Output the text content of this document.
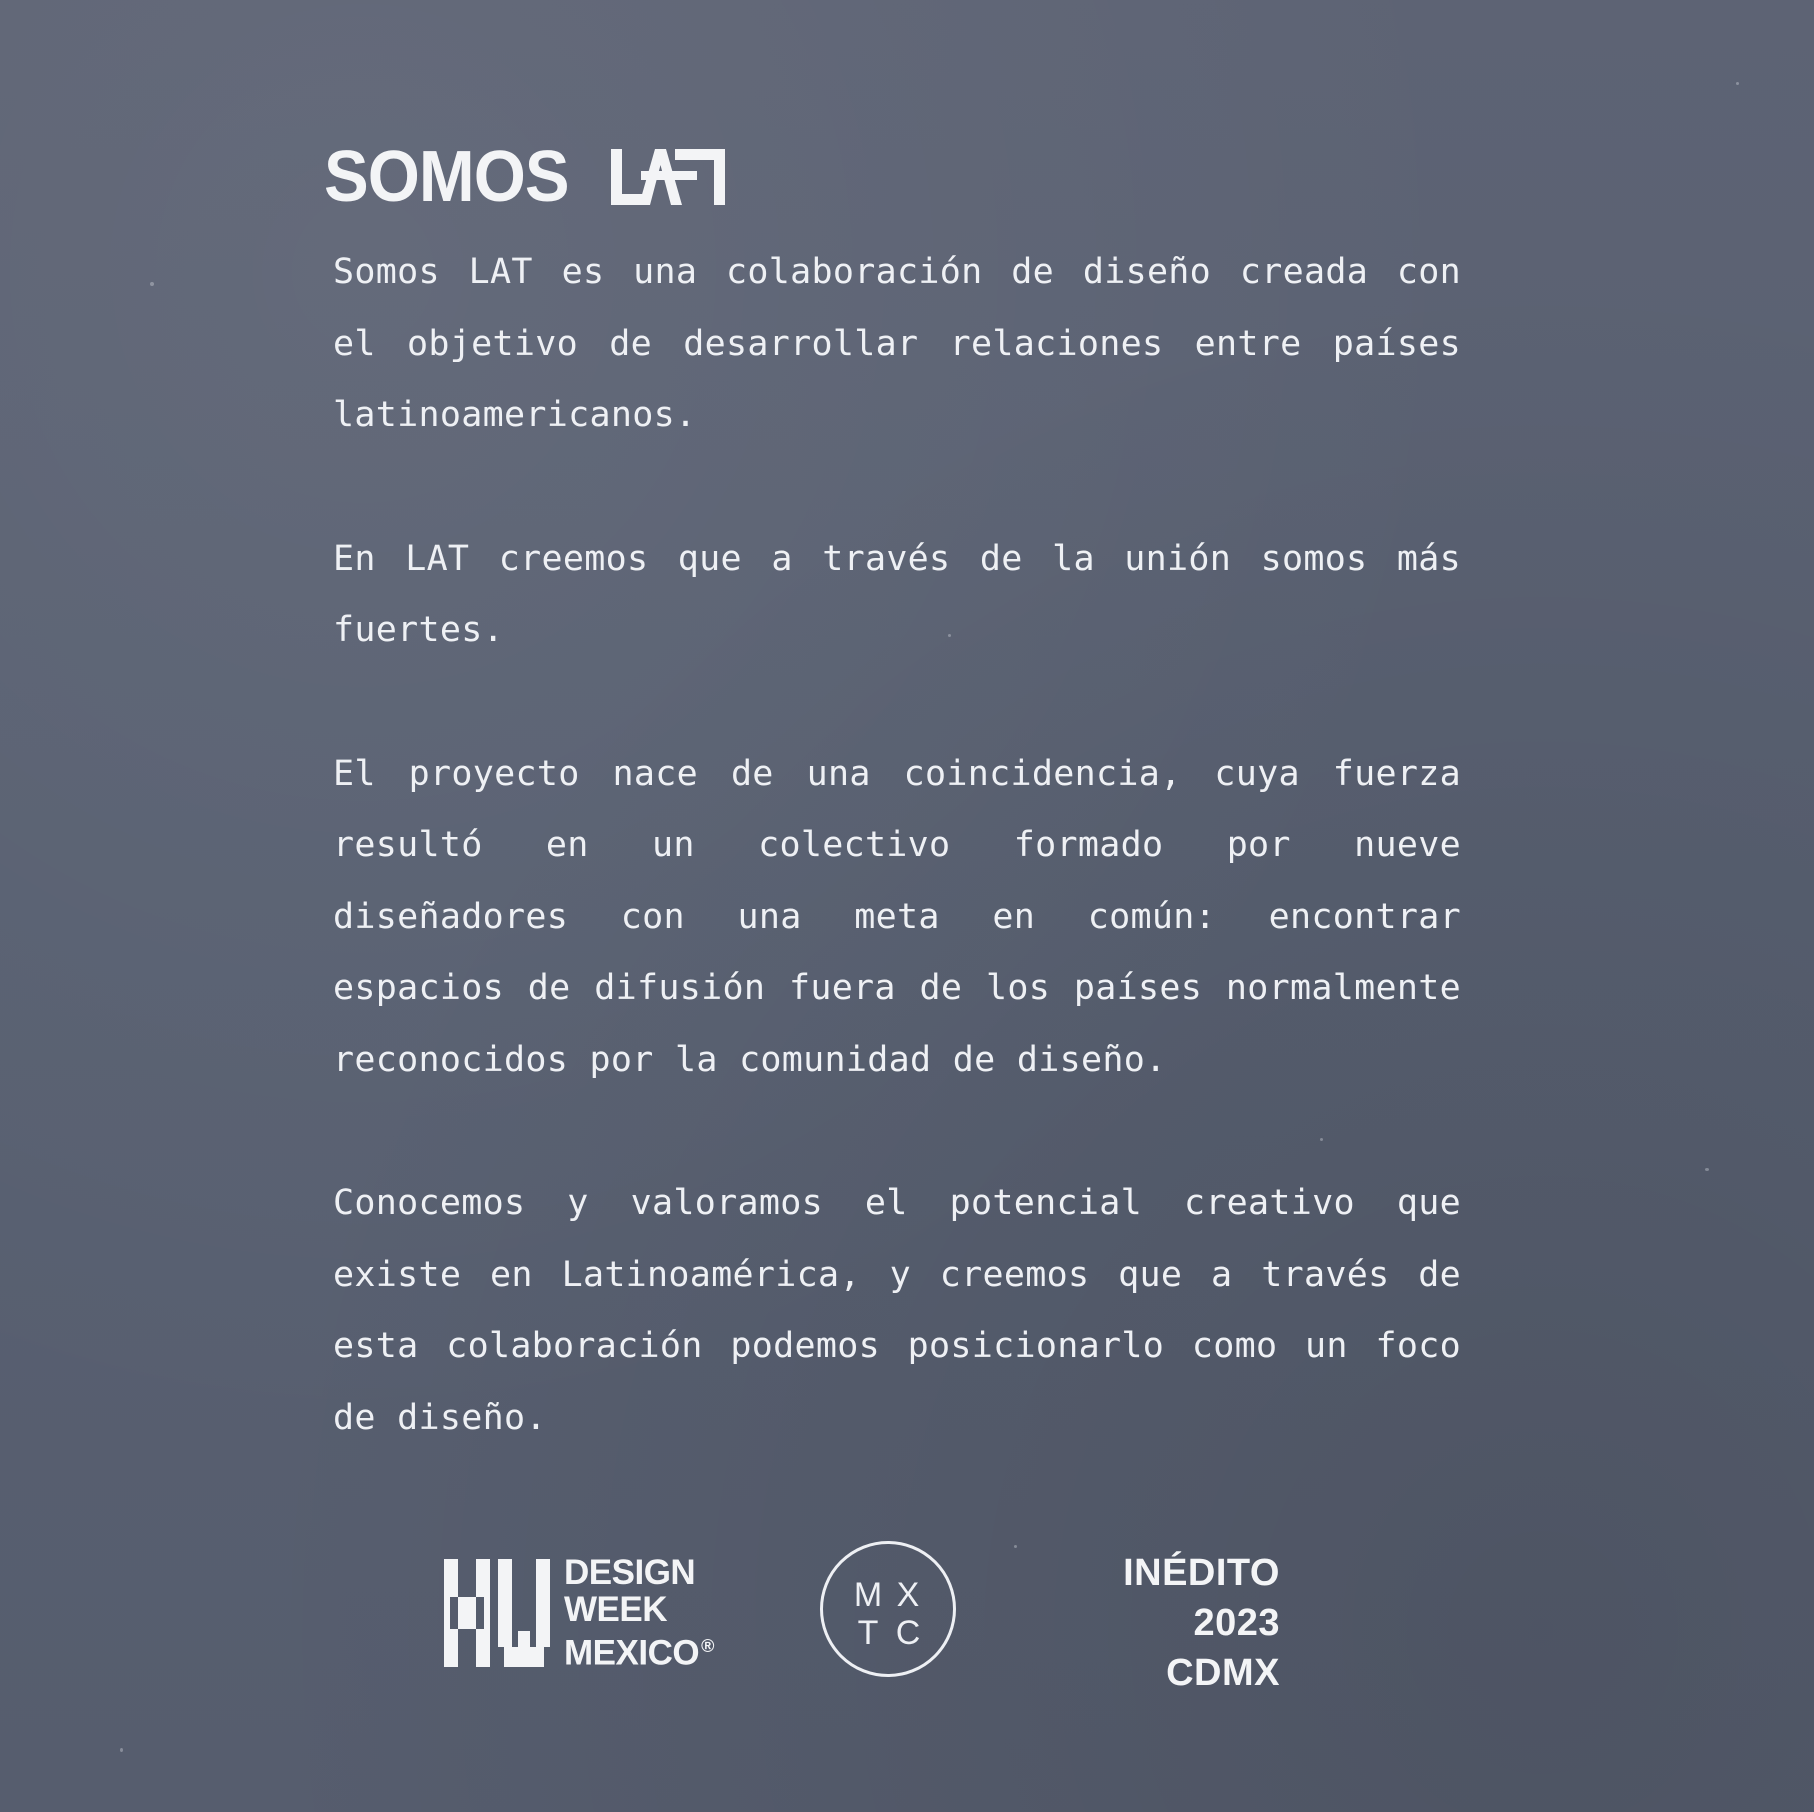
SOMOS

Somos LAT es una colaboración de diseño creada con el objetivo de desarrollar relaciones entre países latinoamericanos.

En LAT creemos que a través de la unión somos más fuertes.

El proyecto nace de una coincidencia, cuya fuerza resultó en un colectivo formado por nueve diseñadores con una meta en común: encontrar espacios de difusión fuera de los países normalmente reconocidos por la comunidad de diseño.

Conocemos y valoramos el potencial creativo que existe en Latinoamérica, y creemos que a través de esta colaboración podemos posicionarlo como un foco de diseño.

DESIGN
WEEK
MEXICO ®
M X
T C
INÉDITO
2023
CDMX
